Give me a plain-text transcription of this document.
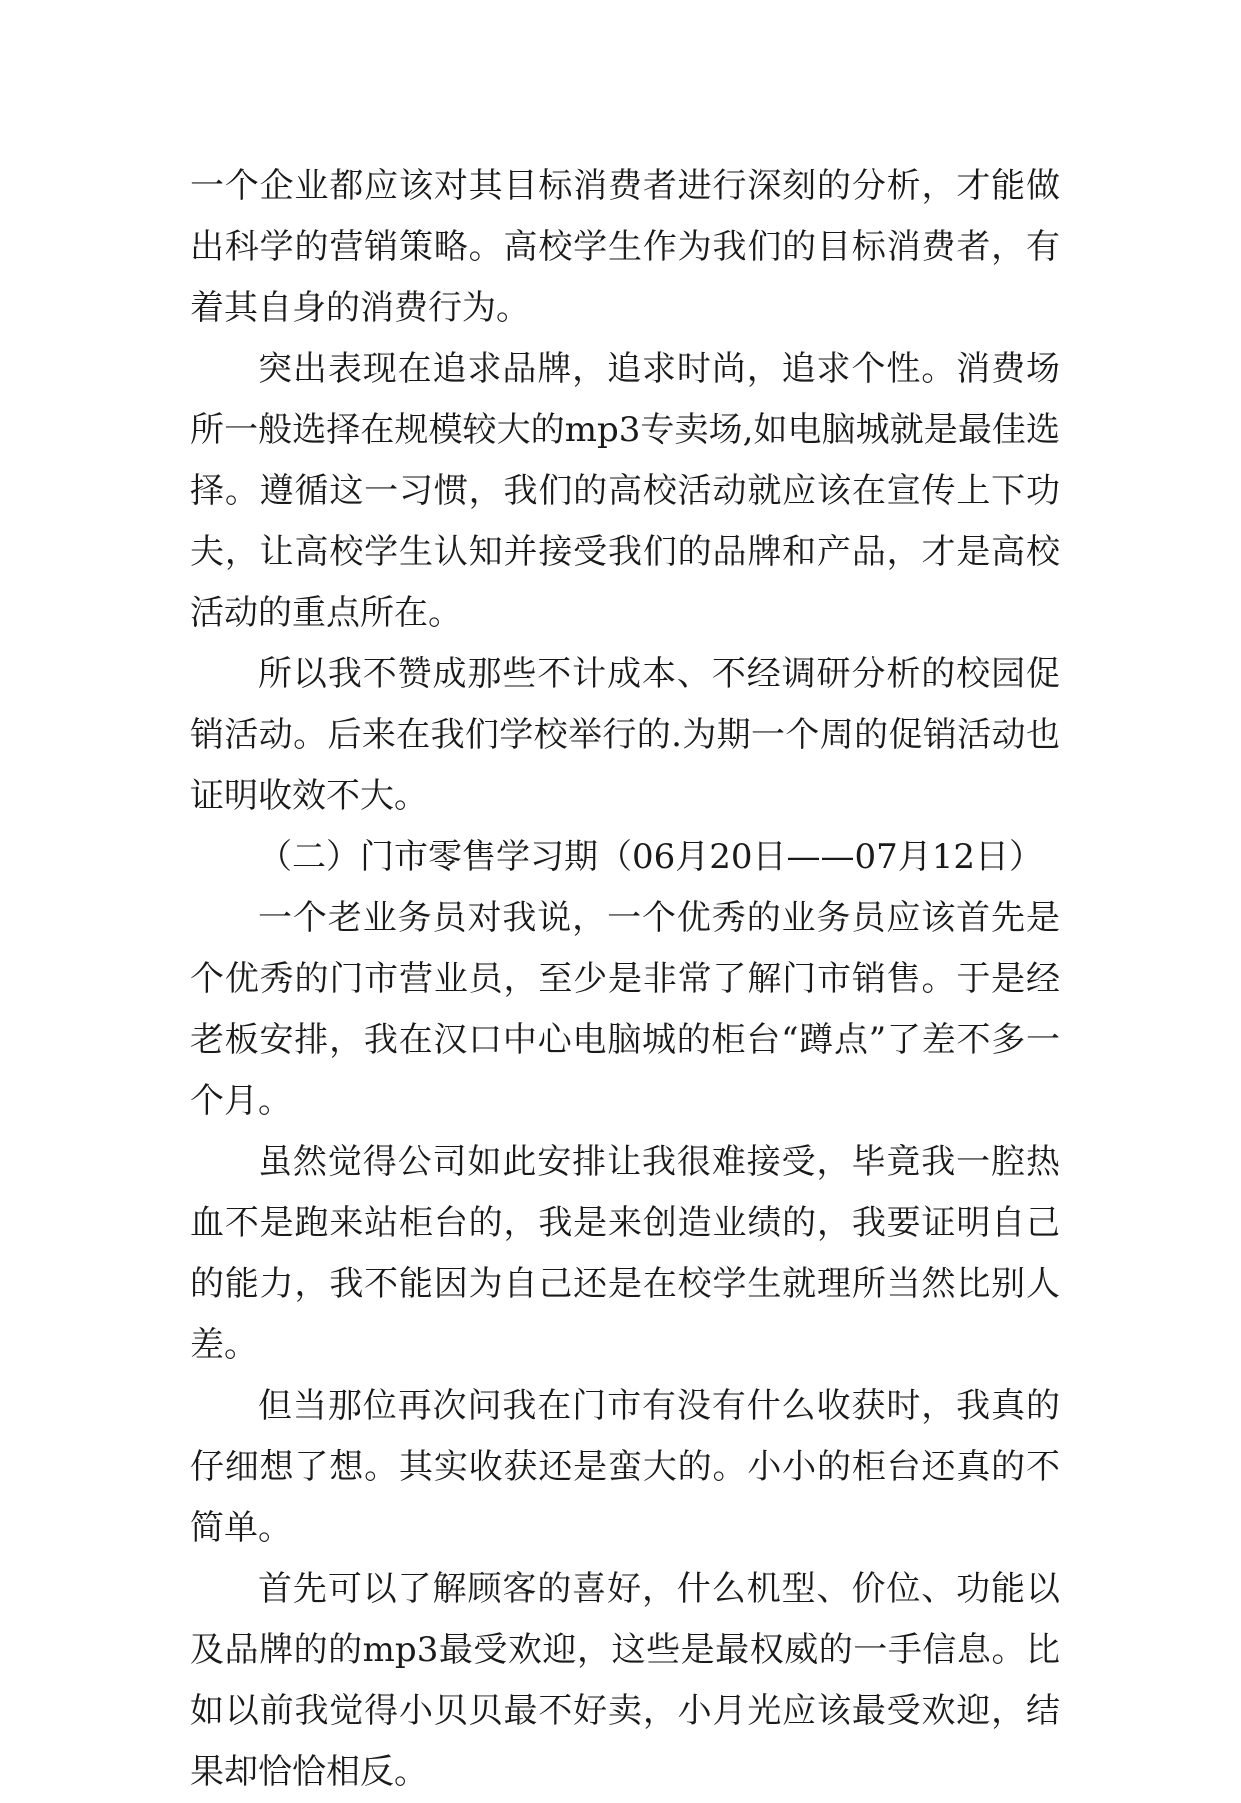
一个企业都应该对其目标消费者进行深刻的分析，才能做出科学的营销策略。高校学生作为我们的目标消费者，有着其自身的消费行为。

突出表现在追求品牌，追求时尚，追求个性。消费场所一般选择在规模较大的mp3专卖场,如电脑城就是最佳选择。遵循这一习惯，我们的高校活动就应该在宣传上下功夫，让高校学生认知并接受我们的品牌和产品，才是高校活动的重点所在。

所以我不赞成那些不计成本、不经调研分析的校园促销活动。后来在我们学校举行的.为期一个周的促销活动也证明收效不大。

（二）门市零售学习期（06月20日——07月12日）

一个老业务员对我说，一个优秀的业务员应该首先是个优秀的门市营业员，至少是非常了解门市销售。于是经老板安排，我在汉口中心电脑城的柜台“蹲点”了差不多一个月。

虽然觉得公司如此安排让我很难接受，毕竟我一腔热血不是跑来站柜台的，我是来创造业绩的，我要证明自己的能力，我不能因为自己还是在校学生就理所当然比别人差。

但当那位再次问我在门市有没有什么收获时，我真的仔细想了想。其实收获还是蛮大的。小小的柜台还真的不简单。

首先可以了解顾客的喜好，什么机型、价位、功能以及品牌的的mp3最受欢迎，这些是最权威的一手信息。比如以前我觉得小贝贝最不好卖，小月光应该最受欢迎，结果却恰恰相反。
